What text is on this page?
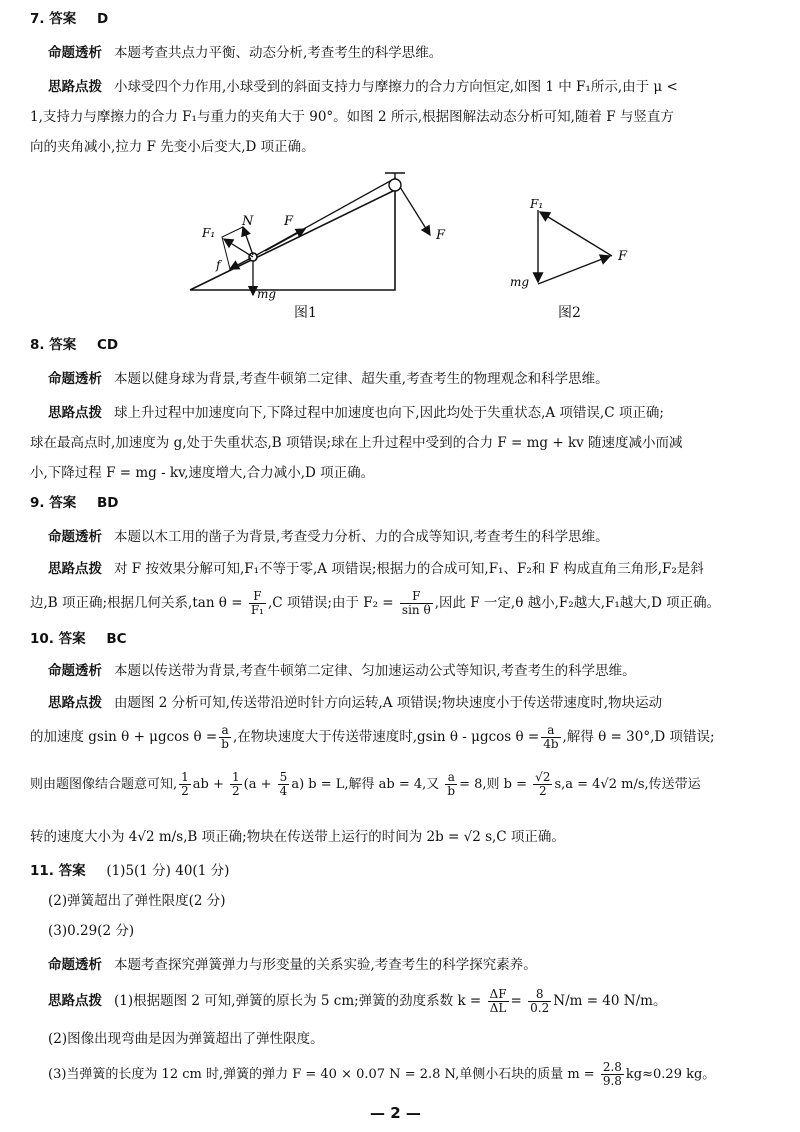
7. 答案 D
命题透析 本题考查共点力平衡、动态分析,考查考生的科学思维。
思路点拨 小球受四个力作用,小球受到的斜面支持力与摩擦力的合力方向恒定,如图 1 中 F₁所示,由于 μ <
1,支持力与摩擦力的合力 F₁与重力的夹角大于 90°。如图 2 所示,根据图解法动态分析可知,随着 F 与竖直方
向的夹角减小,拉力 F 先变小后变大,D 项正确。
N F
F₁
f
mg
F
图1
F₁
F
mg
图2
8. 答案 CD
命题透析 本题以健身球为背景,考查牛顿第二定律、超失重,考查考生的物理观念和科学思维。
思路点拨 球上升过程中加速度向下,下降过程中加速度也向下,因此均处于失重状态,A 项错误,C 项正确;
球在最高点时,加速度为 g,处于失重状态,B 项错误;球在上升过程中受到的合力 F = mg + kv 随速度减小而减
小,下降过程 F = mg - kv,速度增大,合力减小,D 项正确。
9. 答案 BD
命题透析 本题以木工用的凿子为背景,考查受力分析、力的合成等知识,考查考生的科学思维。
思路点拨 对 F 按效果分解可知,F₁不等于零,A 项错误;根据力的合成可知,F₁、F₂和 F 构成直角三角形,F₂是斜
边,B 项正确;根据几何关系,tan $\theta = \frac{F}{\text{F₁}} ,C$ 项错误;由于 $F_2 = \frac{F}{\text{sin θ}}$ ,因此 F 一定,θ 越小,F₂越大,F₁越大,D 项正确。
10. 答案 BC
命题透析 本题以传送带为背景,考查牛顿第二定律、匀加速运动公式等知识,考查考生的科学思维。
思路点拨 由题图 2 分析可知,传送带沿逆时针方向运转,A 项错误;物块速度小于传送带速度时,物块运动
的加速度 gsin θ + μgcos $\theta = \frac{a}{b}$ ,在物块速度大于传送带速度时,gsin θ - μgcos $\theta = \frac{a}{4b}$ ,解得 θ = 30°,D 项错误;
则由题图像结合题意可知, $\frac{1}{2}$ ab + $\frac{1}{2} (a + \frac{5}{4} a) b = L$,解得 ab = 4,又 $\frac{a}{b} = 8$,则 $b = \frac{√2}{2} s,a = 4√2$ m/s,传送带运
转的速度大小为 4√2 m/s,B 项正确;物块在传送带上运行的时间为 2b = √2 s,C 项正确。
11. 答案 (1)5(1 分) 40(1 分)
(2)弹簧超出了弹性限度(2 分)
(3)0.29(2 分)
命题透析 本题考查探究弹簧弹力与形变量的关系实验,考查考生的科学探究素养。
思路点拨 (1)根据题图 2 可知,弹簧的原长为 5 cm;弹簧的劲度系数 $k = \frac{\Delta F}{\Delta L} = \frac{8}{0.2} N/m = 40$ N/m。
(2)图像出现弯曲是因为弹簧超出了弹性限度。
(3)当弹簧的长度为 12 cm 时,弹簧的弹力 F = 40 × 0.07 N = 2.8 N,单侧小石块的质量 $m = \frac{2.8}{9.8} kg\approx 0.29$ kg。
— 2 —
